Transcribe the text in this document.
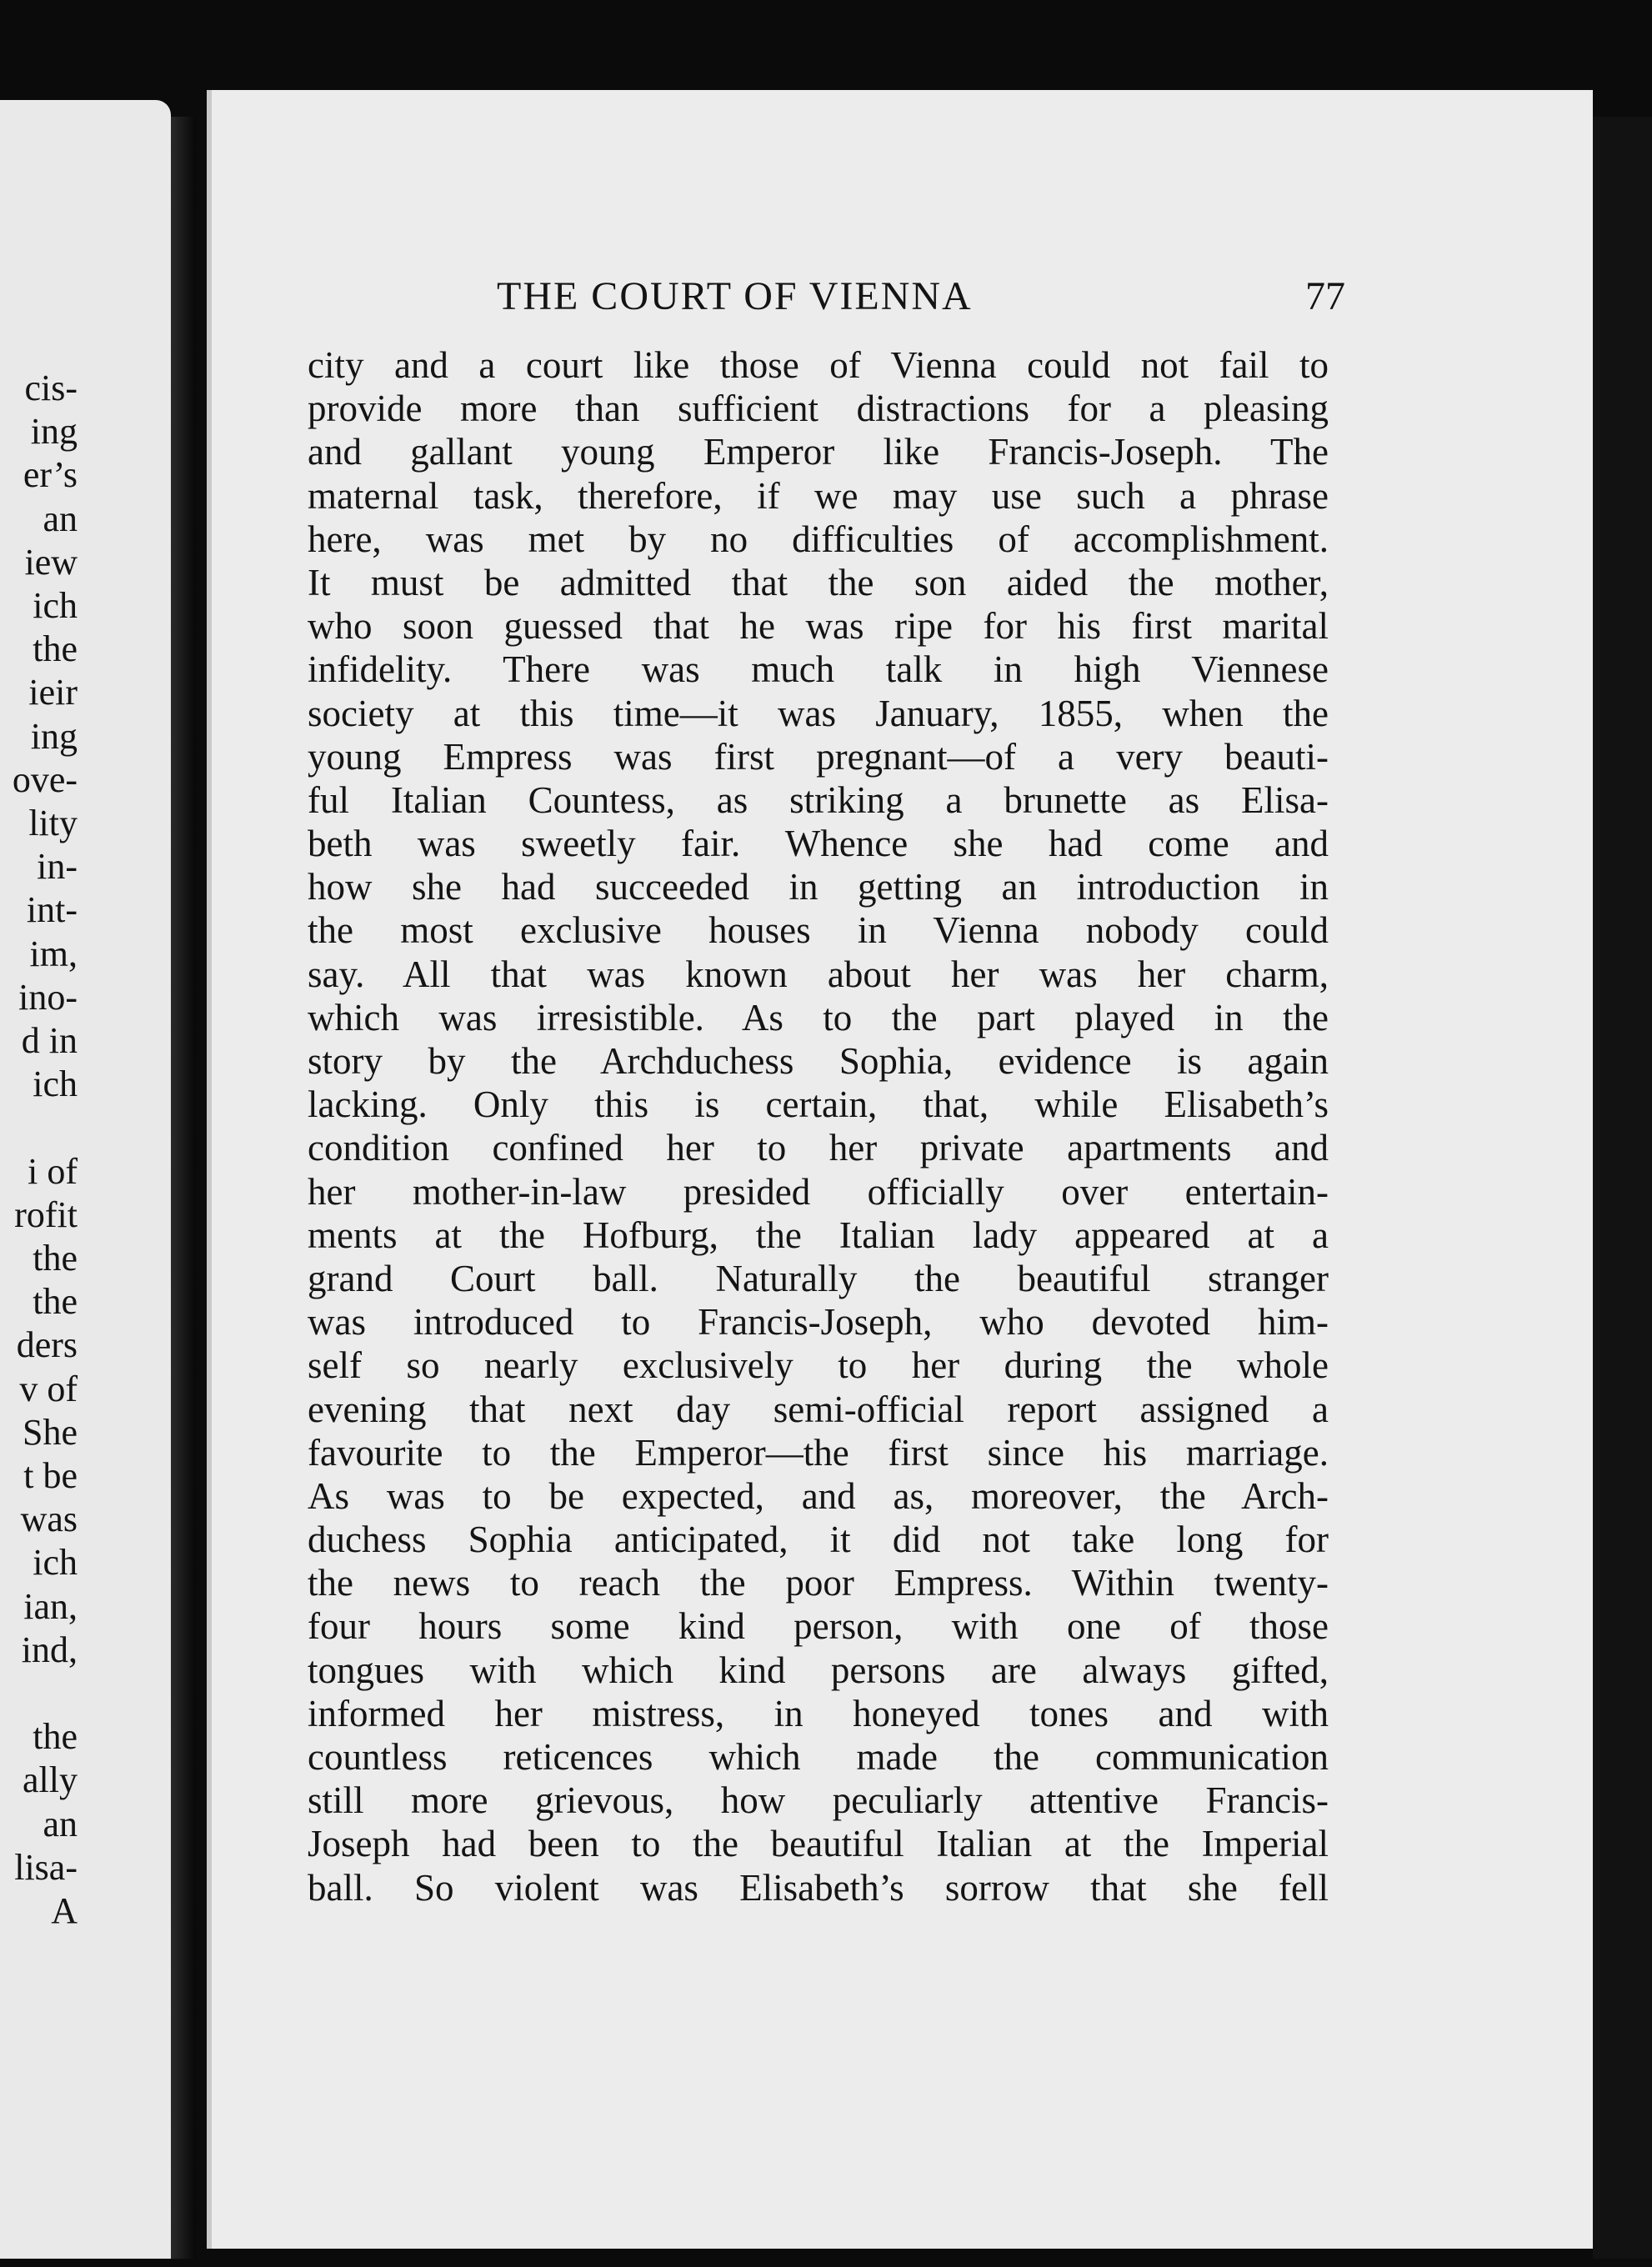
cis-
ing
er’s
an
iew
ich
the
ieir
ing
ove-
lity
in-
int-
im,
ino-
d in
ich
i of
rofit
the
the
ders
v of
She
t be
was
ich
ian,
ind,
the
ally
an
lisa-
A
THE COURT OF VIENNA	77
city and a court like those of Vienna could not fail to
provide more than sufficient distractions for a pleasing
and gallant young Emperor like Francis-Joseph. The
maternal task, therefore, if we may use such a phrase
here, was met by no difficulties of accomplishment.
It must be admitted that the son aided the mother,
who soon guessed that he was ripe for his first marital
infidelity. There was much talk in high Viennese
society at this time—it was January, 1855, when the
young Empress was first pregnant—of a very beauti-
ful Italian Countess, as striking a brunette as Elisa-
beth was sweetly fair. Whence she had come and
how she had succeeded in getting an introduction in
the most exclusive houses in Vienna nobody could
say. All that was known about her was her charm,
which was irresistible. As to the part played in the
story by the Archduchess Sophia, evidence is again
lacking. Only this is certain, that, while Elisabeth’s
condition confined her to her private apartments and
her mother-in-law presided officially over entertain-
ments at the Hofburg, the Italian lady appeared at a
grand Court ball. Naturally the beautiful stranger
was introduced to Francis-Joseph, who devoted him-
self so nearly exclusively to her during the whole
evening that next day semi-official report assigned a
favourite to the Emperor—the first since his marriage.
As was to be expected, and as, moreover, the Arch-
duchess Sophia anticipated, it did not take long for
the news to reach the poor Empress. Within twenty-
four hours some kind person, with one of those
tongues with which kind persons are always gifted,
informed her mistress, in honeyed tones and with
countless reticences which made the communication
still more grievous, how peculiarly attentive Francis-
Joseph had been to the beautiful Italian at the Imperial
ball. So violent was Elisabeth’s sorrow that she fell
